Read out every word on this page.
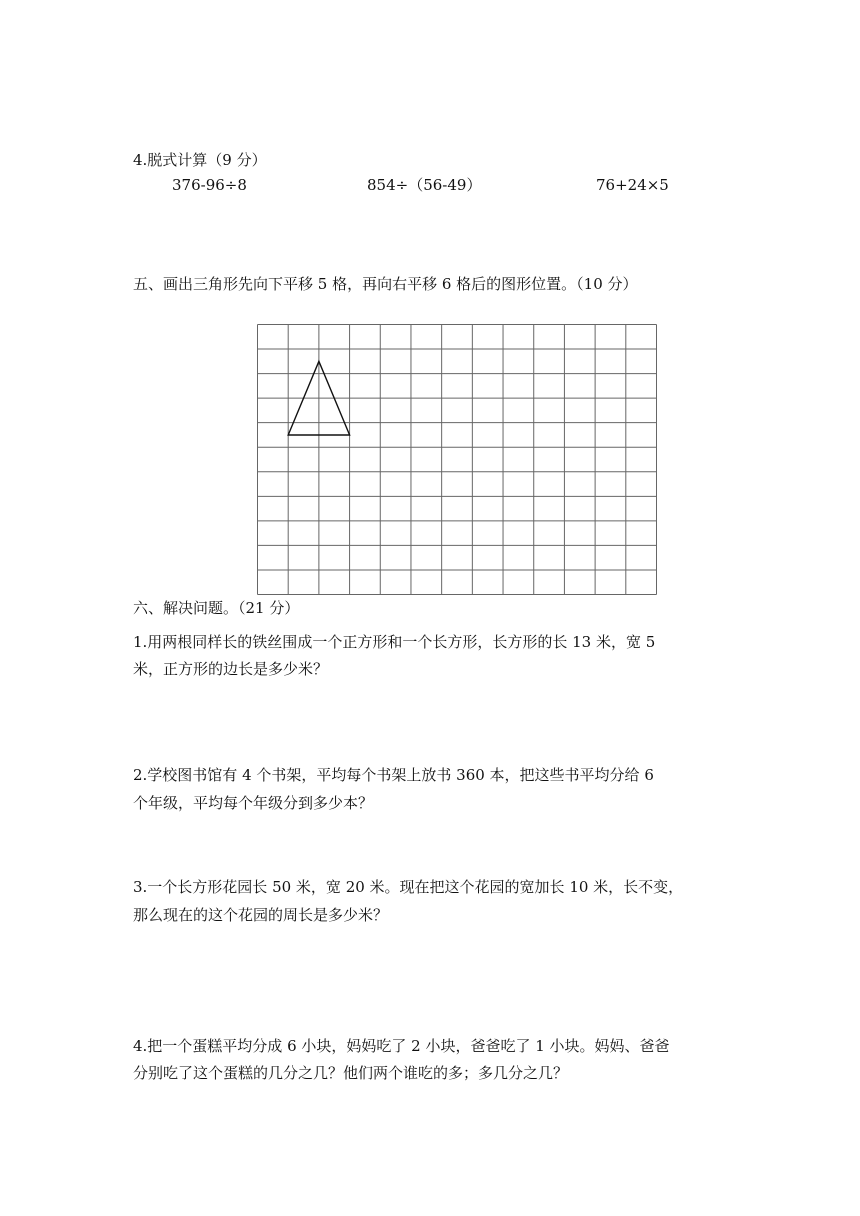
4.脱式计算（9 分）
376-96÷8	854÷（56-49）	76+24×5
五、画出三角形先向下平移 5 格，再向右平移 6 格后的图形位置。（10 分）
六、解决问题。（21 分）
1.用两根同样长的铁丝围成一个正方形和一个长方形，长方形的长 13 米，宽 5
米，正方形的边长是多少米？
2.学校图书馆有 4 个书架，平均每个书架上放书 360 本，把这些书平均分给 6
个年级，平均每个年级分到多少本？
3.一个长方形花园长 50 米，宽 20 米。现在把这个花园的宽加长 10 米，长不变，
那么现在的这个花园的周长是多少米？
4.把一个蛋糕平均分成 6 小块，妈妈吃了 2 小块，爸爸吃了 1 小块。妈妈、爸爸
分别吃了这个蛋糕的几分之几？他们两个谁吃的多；多几分之几？
